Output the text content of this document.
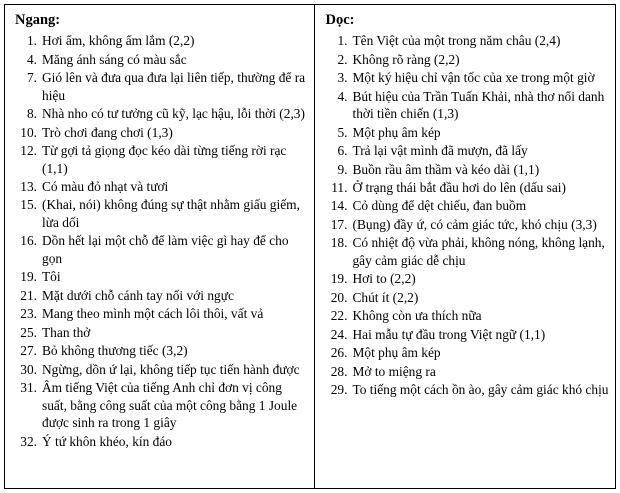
Ngang:
1. Hơi ẩm, không ẩm lắm (2,2)
4. Măng ánh sáng có màu sắc
7. Gió lên và đưa qua đưa lại liên tiếp, thường để ra hiệu
8. Nhà nho có tư tưởng cũ kỹ, lạc hậu, lỗi thời (2,3)
10. Trò chơi đang chơi (1,3)
12. Từ gợi tả giọng đọc kéo dài từng tiếng rời rạc (1,1)
13. Có màu đỏ nhạt và tươi
15. (Khai, nói) không đúng sự thật nhằm giấu giếm, lừa dối
16. Dồn hết lại một chỗ để làm việc gì hay để cho gọn
19. Tôi
21. Mặt dưới chỗ cánh tay nối với ngực
23. Mang theo mình một cách lôi thôi, vất vả
25. Than thở
27. Bỏ không thương tiếc (3,2)
30. Ngừng, dồn ứ lại, không tiếp tục tiến hành được
31. Âm tiếng Việt của tiếng Anh chỉ đơn vị công suất, bằng công suất của một công bằng 1 Joule được sinh ra trong 1 giây
32. Ý tứ khôn khéo, kín đáo
Dọc:
1. Tên Việt của một trong năm châu (2,4)
2. Không rõ ràng (2,2)
3. Một ký hiệu chỉ vận tốc của xe trong một giờ
4. Bút hiệu của Trần Tuấn Khải, nhà thơ nổi danh thời tiền chiến (1,3)
5. Một phụ âm kép
6. Trả lại vật mình đã mượn, đã lấy
9. Buồn rầu âm thầm và kéo dài (1,1)
11. Ở trạng thái bắt đầu hơi do lên (dấu sai)
14. Cỏ dùng để dệt chiếu, đan buồm
17. (Bụng) đầy ứ, có cảm giác tức, khó chịu (3,3)
18. Có nhiệt độ vừa phải, không nóng, không lạnh, gây cảm giác dễ chịu
19. Hơi to (2,2)
20. Chút ít (2,2)
22. Không còn ưa thích nữa
24. Hai mẫu tự đầu trong Việt ngữ (1,1)
26. Một phụ âm kép
28. Mở to miệng ra
29. To tiếng một cách ồn ào, gây cảm giác khó chịu
